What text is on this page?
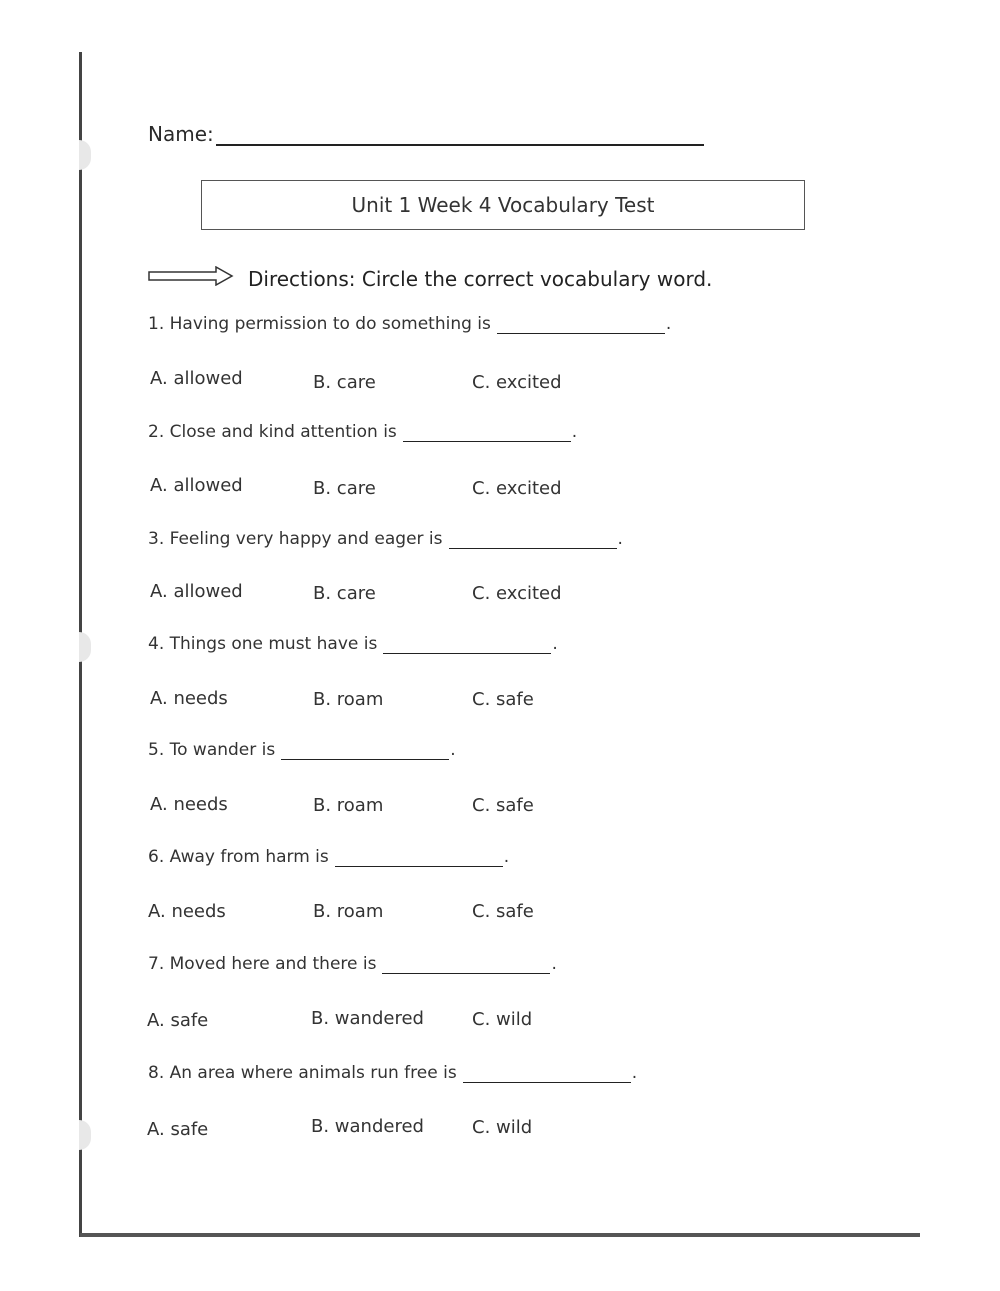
Name:
Unit 1 Week 4 Vocabulary Test
Directions: Circle the correct vocabulary word.
1. Having permission to do something is	.
A. allowed	B. care	C. excited
2. Close and kind attention is	.
A. allowed	B. care	C. excited
3. Feeling very happy and eager is	.
A. allowed	B. care	C. excited
4. Things one must have is	.
A. needs	B. roam	C. safe
5. To wander is	.
A. needs	B. roam	C. safe
6. Away from harm is	.
A. needs	B. roam	C. safe
7. Moved here and there is	.
A. safe	B. wandered	C. wild
8. An area where animals run free is	.
A. safe	B. wandered	C. wild
